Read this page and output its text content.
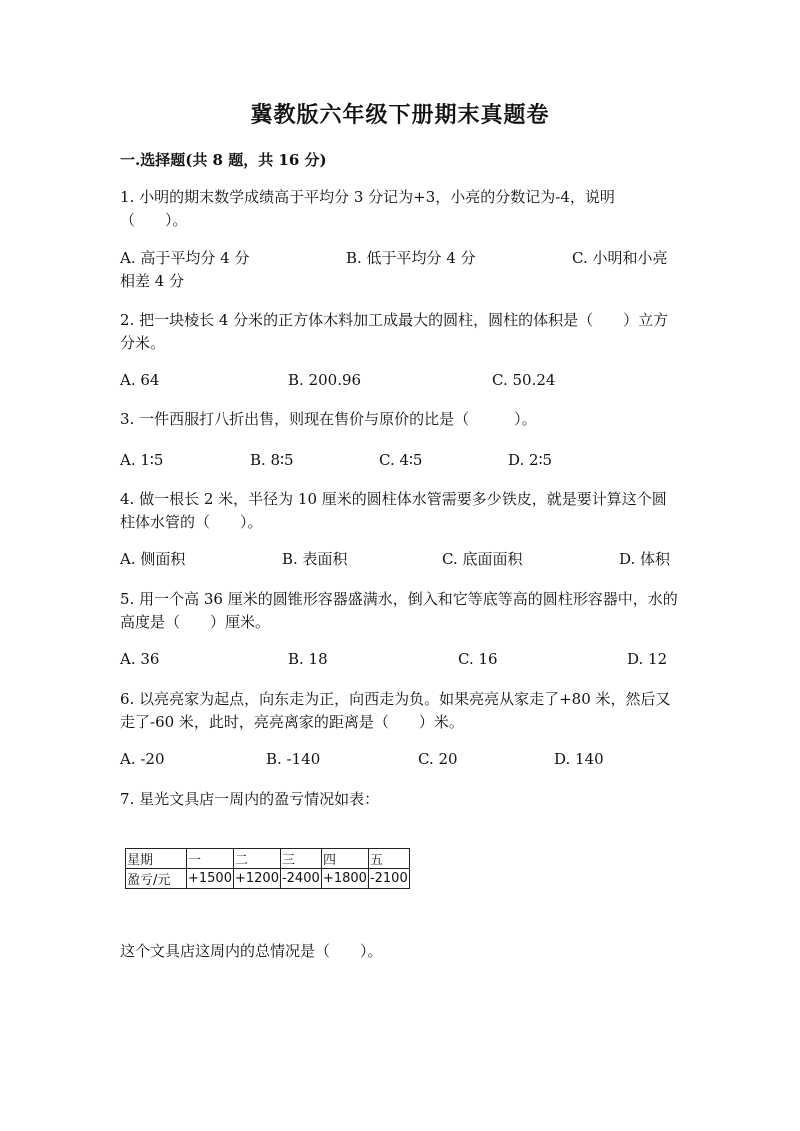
冀教版六年级下册期末真题卷
一.选择题(共 8 题，共 16 分)
1. 小明的期末数学成绩高于平均分 3 分记为+3，小亮的分数记为-4，说明（　　）。
A. 高于平均分 4 分	B. 低于平均分 4 分	C. 小明和小亮相差 4 分
2. 把一块棱长 4 分米的正方体木料加工成最大的圆柱，圆柱的体积是（　　）立方分米。
A. 64	B. 200.96	C. 50.24
3. 一件西服打八折出售，则现在售价与原价的比是（　　　）。
A. 1∶5	B. 8∶5	C. 4∶5	D. 2∶5
4. 做一根长 2 米，半径为 10 厘米的圆柱体水管需要多少铁皮，就是要计算这个圆柱体水管的（　　）。
A. 侧面积	B. 表面积	C. 底面面积	D. 体积
5. 用一个高 36 厘米的圆锥形容器盛满水，倒入和它等底等高的圆柱形容器中，水的高度是（　　）厘米。
A. 36	B. 18	C. 16	D. 12
6. 以亮亮家为起点，向东走为正，向西走为负。如果亮亮从家走了+80 米，然后又走了-60 米，此时，亮亮离家的距离是（　　）米。
A. -20	B. -140	C. 20	D. 140
7. 星光文具店一周内的盈亏情况如表：
星期	一	二	三	四	五
盈亏/元	+1500	+1200	-2400	+1800	-2100
这个文具店这周内的总情况是（　　）。
